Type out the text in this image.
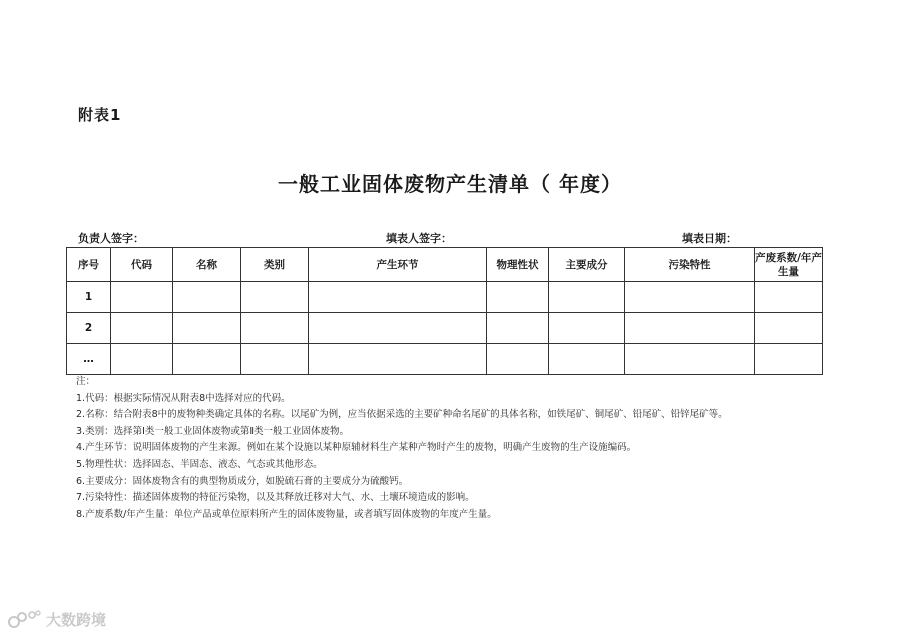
附表1
一般工业固体废物产生清单（ 年度）
负责人签字：	填表人签字：	填表日期：
序号	代码	名称	类别	产生环节	物理性状	主要成分	污染特性	产废系数/年产生量
1								
2								
…								
注：
1.代码：根据实际情况从附表8中选择对应的代码。
2.名称：结合附表8中的废物种类确定具体的名称。以尾矿为例，应当依据采选的主要矿种命名尾矿的具体名称，如铁尾矿、铜尾矿、铅尾矿、铅锌尾矿等。
3.类别：选择第Ⅰ类一般工业固体废物或第Ⅱ类一般工业固体废物。
4.产生环节：说明固体废物的产生来源。例如在某个设施以某种原辅材料生产某种产物时产生的废物，明确产生废物的生产设施编码。
5.物理性状：选择固态、半固态、液态、气态或其他形态。
6.主要成分：固体废物含有的典型物质成分，如脱硫石膏的主要成分为硫酸钙。
7.污染特性：描述固体废物的特征污染物，以及其释放迁移对大气、水、土壤环境造成的影响。
8.产废系数/年产生量：单位产品或单位原料所产生的固体废物量，或者填写固体废物的年度产生量。
大数跨境
